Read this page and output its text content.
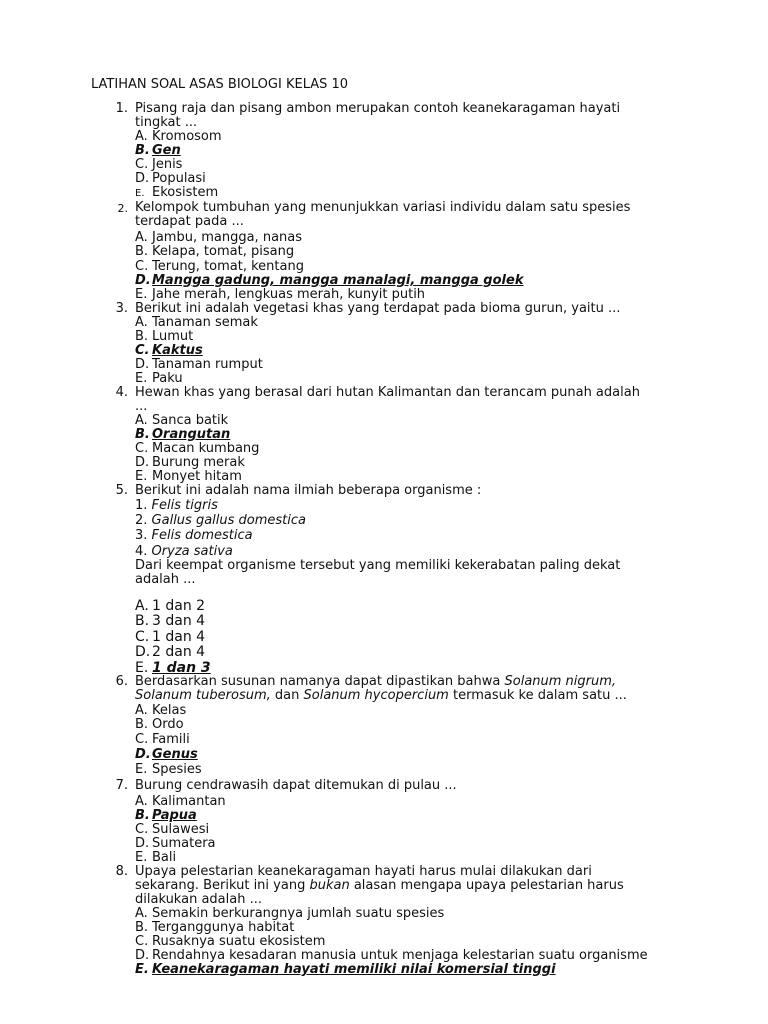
LATIHAN SOAL ASAS BIOLOGI KELAS 10
1. Pisang raja dan pisang ambon merupakan contoh keanekaragaman hayati
tingkat ...
A. Kromosom
B. Gen
C. Jenis
D. Populasi
E. Ekosistem
2. Kelompok tumbuhan yang menunjukkan variasi individu dalam satu spesies
terdapat pada ...
A. Jambu, mangga, nanas
B. Kelapa, tomat, pisang
C. Terung, tomat, kentang
D.Mangga gadung, mangga manalagi, mangga golek
E. Jahe merah, lengkuas merah, kunyit putih
3. Berikut ini adalah vegetasi khas yang terdapat pada bioma gurun, yaitu ...
A. Tanaman semak
B. Lumut
C. Kaktus
D. Tanaman rumput
E. Paku
4. Hewan khas yang berasal dari hutan Kalimantan dan terancam punah adalah
...
A. Sanca batik
B. Orangutan
C. Macan kumbang
D. Burung merak
E. Monyet hitam
5. Berikut ini adalah nama ilmiah beberapa organisme :
1. Felis tigris
2. Gallus gallus domestica
3. Felis domestica
4. Oryza sativa
Dari keempat organisme tersebut yang memiliki kekerabatan paling dekat
adalah ...
A. 1 dan 2
B. 3 dan 4
C. 1 dan 4
D. 2 dan 4
E. 1 dan 3
6. Berdasarkan susunan namanya dapat dipastikan bahwa Solanum nigrum,
Solanum tuberosum, dan Solanum hycopercium termasuk ke dalam satu ...
A. Kelas
B. Ordo
C. Famili
D.Genus
E. Spesies
7. Burung cendrawasih dapat ditemukan di pulau ...
A. Kalimantan
B. Papua
C. Sulawesi
D. Sumatera
E. Bali
8. Upaya pelestarian keanekaragaman hayati harus mulai dilakukan dari
sekarang. Berikut ini yang bukan alasan mengapa upaya pelestarian harus
dilakukan adalah ...
A. Semakin berkurangnya jumlah suatu spesies
B. Terganggunya habitat
C. Rusaknya suatu ekosistem
D. Rendahnya kesadaran manusia untuk menjaga kelestarian suatu organisme
E. Keanekaragaman hayati memiliki nilai komersial tinggi
